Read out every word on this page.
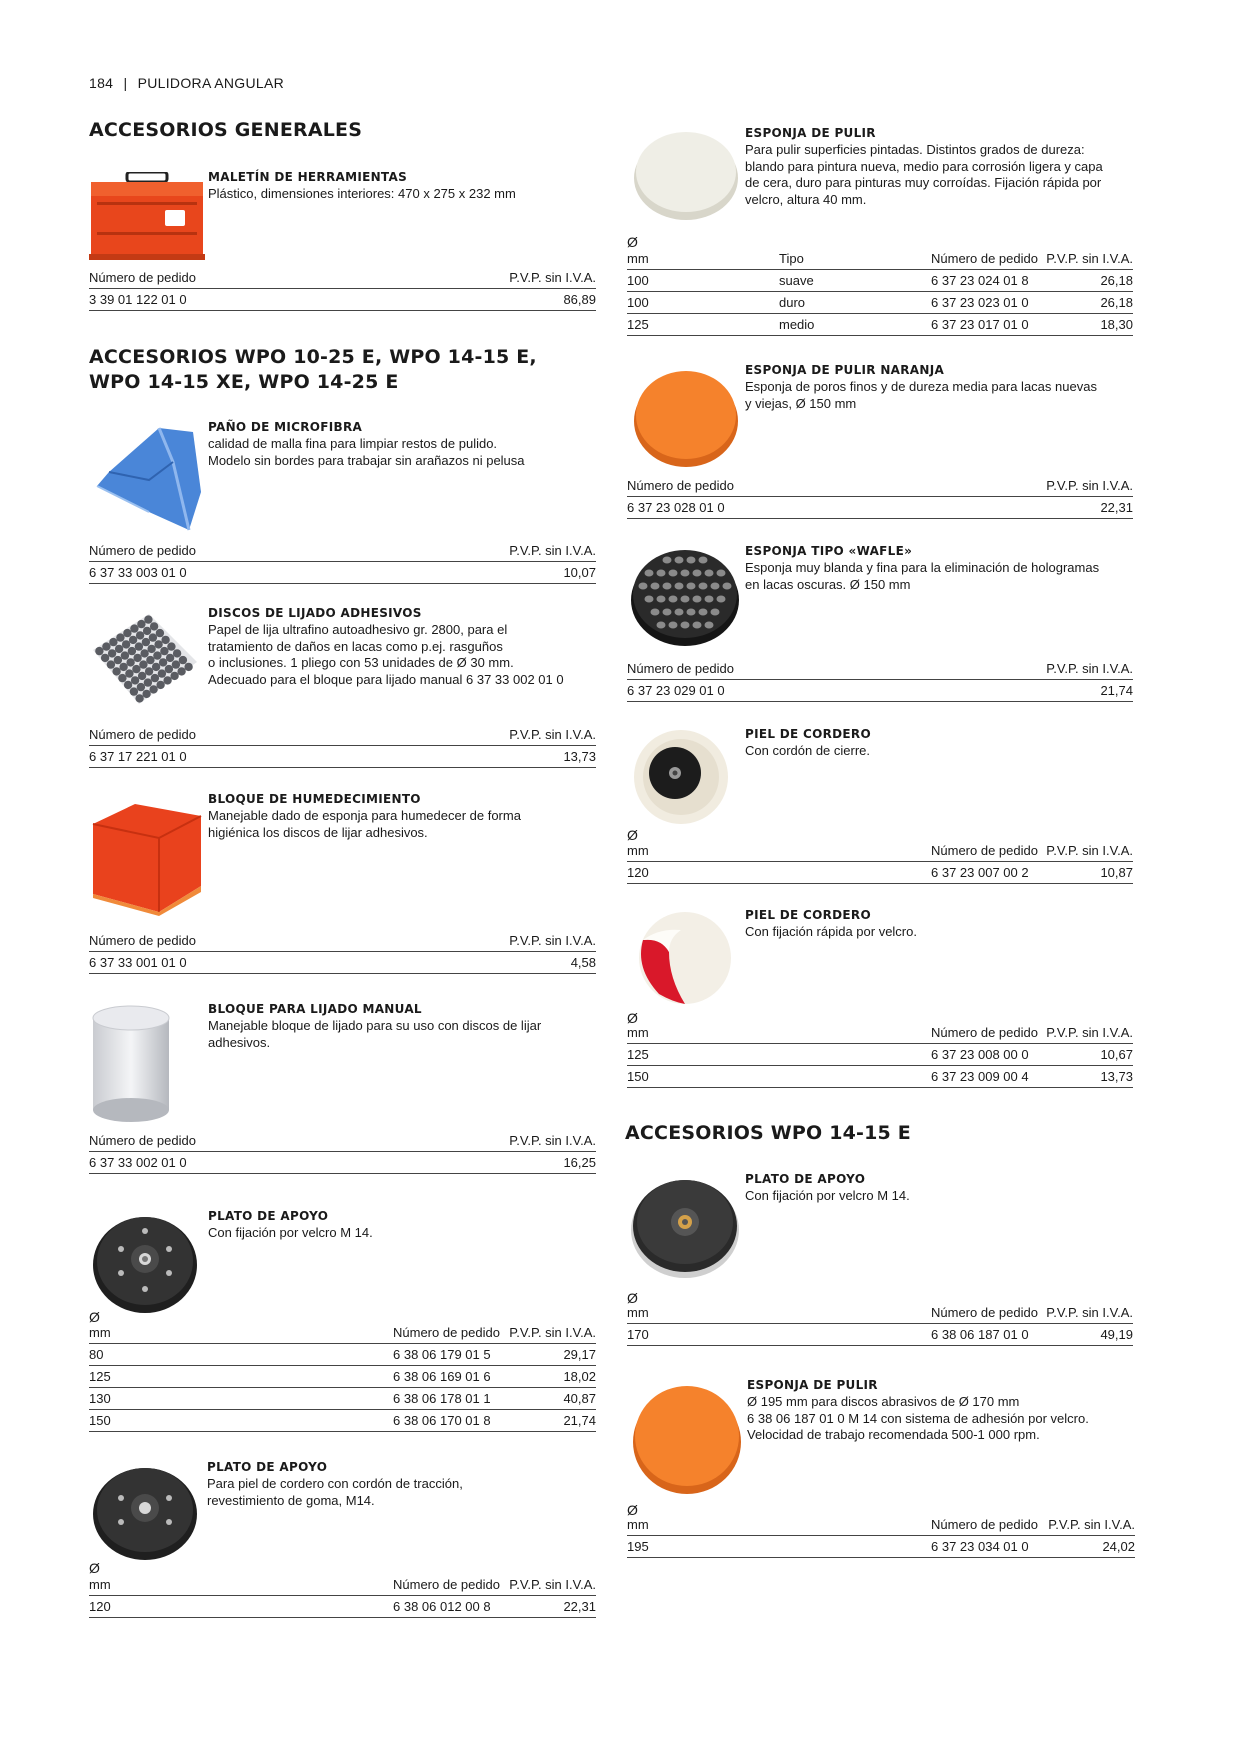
184 | PULIDORA ANGULAR
ACCESORIOS GENERALES
MALETÍN DE HERRAMIENTAS
Plástico, dimensiones interiores: 470 x 275 x 232 mm
Número de pedido	P.V.P. sin I.V.A.
3 39 01 122 01 0	86,89
ACCESORIOS WPO 10-25 E, WPO 14-15 E,
WPO 14-15 XE, WPO 14-25 E
PAÑO DE MICROFIBRA
calidad de malla fina para limpiar restos de pulido.
Modelo sin bordes para trabajar sin arañazos ni pelusa
Número de pedido	P.V.P. sin I.V.A.
6 37 33 003 01 0	10,07
DISCOS DE LIJADO ADHESIVOS
Papel de lija ultrafino autoadhesivo gr. 2800, para el
tratamiento de daños en lacas como p.ej. rasguños
o inclusiones. 1 pliego con 53 unidades de Ø 30 mm.
Adecuado para el bloque para lijado manual 6 37 33 002 01 0
Número de pedido	P.V.P. sin I.V.A.
6 37 17 221 01 0	13,73
BLOQUE DE HUMEDECIMIENTO
Manejable dado de esponja para humedecer de forma
higiénica los discos de lijar adhesivos.
Número de pedido	P.V.P. sin I.V.A.
6 37 33 001 01 0	4,58
BLOQUE PARA LIJADO MANUAL
Manejable bloque de lijado para su uso con discos de lijar
adhesivos.
Número de pedido	P.V.P. sin I.V.A.
6 37 33 002 01 0	16,25
PLATO DE APOYO
Con fijación por velcro M 14.
Ø
mm	Número de pedido P.V.P. sin I.V.A.
80	6 38 06 179 01 5	29,17
125	6 38 06 169 01 6	18,02
130	6 38 06 178 01 1	40,87
150	6 38 06 170 01 8	21,74
PLATO DE APOYO
Para piel de cordero con cordón de tracción,
revestimiento de goma, M14.
Ø
mm	Número de pedido P.V.P. sin I.V.A.
120	6 38 06 012 00 8	22,31
ESPONJA DE PULIR
Para pulir superficies pintadas. Distintos grados de dureza:
blando para pintura nueva, medio para corrosión ligera y capa
de cera, duro para pinturas muy corroídas. Fijación rápida por
velcro, altura 40 mm.
Ø
mm	Tipo	Número de pedido P.V.P. sin I.V.A.
100	suave	6 37 23 024 01 8	26,18
100	duro	6 37 23 023 01 0	26,18
125	medio	6 37 23 017 01 0	18,30
ESPONJA DE PULIR NARANJA
Esponja de poros finos y de dureza media para lacas nuevas
y viejas, Ø 150 mm
Número de pedido	P.V.P. sin I.V.A.
6 37 23 028 01 0	22,31
ESPONJA TIPO «WAFLE»
Esponja muy blanda y fina para la eliminación de hologramas
en lacas oscuras. Ø 150 mm
Número de pedido	P.V.P. sin I.V.A.
6 37 23 029 01 0	21,74
PIEL DE CORDERO
Con cordón de cierre.
Ø
mm	Número de pedido P.V.P. sin I.V.A.
120	6 37 23 007 00 2	10,87
PIEL DE CORDERO
Con fijación rápida por velcro.
Ø
mm	Número de pedido P.V.P. sin I.V.A.
125	6 37 23 008 00 0	10,67
150	6 37 23 009 00 4	13,73
ACCESORIOS WPO 14-15 E
PLATO DE APOYO
Con fijación por velcro M 14.
Ø
mm	Número de pedido P.V.P. sin I.V.A.
170	6 38 06 187 01 0	49,19
ESPONJA DE PULIR
Ø 195 mm para discos abrasivos de Ø 170 mm
6 38 06 187 01 0 M 14 con sistema de adhesión por velcro.
Velocidad de trabajo recomendada 500-1 000 rpm.
Ø
mm	Número de pedido P.V.P. sin I.V.A.
195	6 37 23 034 01 0	24,02
